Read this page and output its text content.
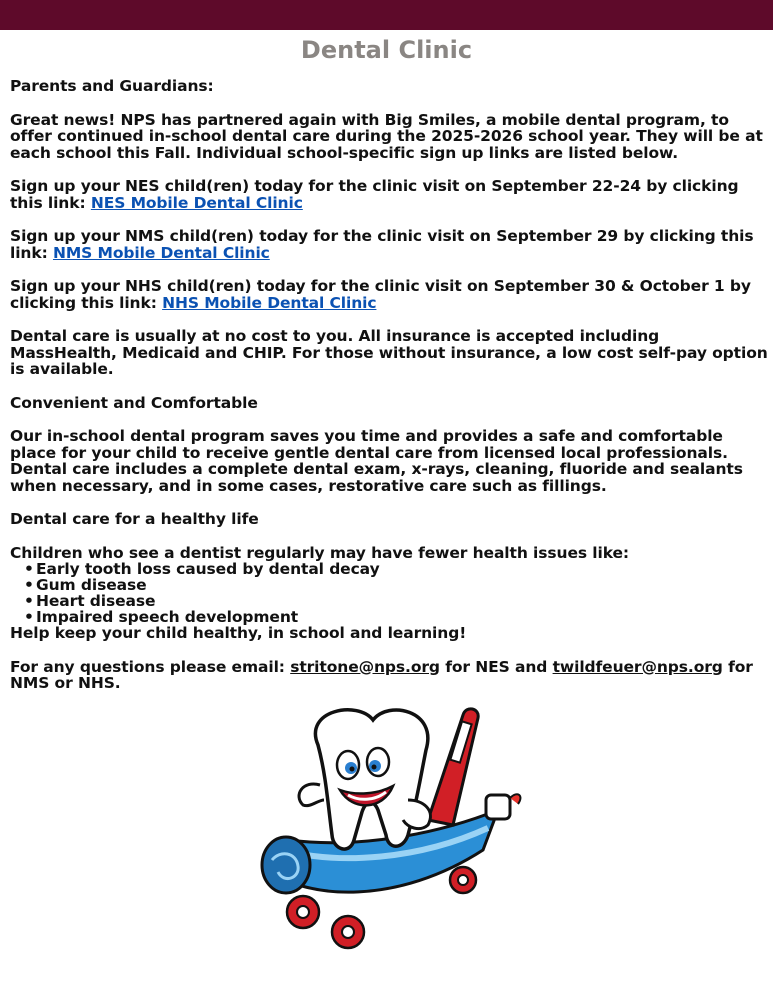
Dental Clinic

Parents and Guardians:

Great news! NPS has partnered again with Big Smiles, a mobile dental program, to offer continued in-school dental care during the 2025-2026 school year. They will be at each school this Fall. Individual school-specific sign up links are listed below.

Sign up your NES child(ren) today for the clinic visit on September 22-24 by clicking this link: NES Mobile Dental Clinic

Sign up your NMS child(ren) today for the clinic visit on September 29 by clicking this link: NMS Mobile Dental Clinic

Sign up your NHS child(ren) today for the clinic visit on September 30 & October 1 by clicking this link: NHS Mobile Dental Clinic

Dental care is usually at no cost to you. All insurance is accepted including MassHealth, Medicaid and CHIP. For those without insurance, a low cost self-pay option is available.

Convenient and Comfortable

Our in-school dental program saves you time and provides a safe and comfortable place for your child to receive gentle dental care from licensed local professionals. Dental care includes a complete dental exam, x-rays, cleaning, fluoride and sealants when necessary, and in some cases, restorative care such as fillings.

Dental care for a healthy life

Children who see a dentist regularly may have fewer health issues like:
• Early tooth loss caused by dental decay
• Gum disease
• Heart disease
• Impaired speech development

Help keep your child healthy, in school and learning!

For any questions please email: stritone@nps.org for NES and twildfeuer@nps.org for NMS or NHS.
